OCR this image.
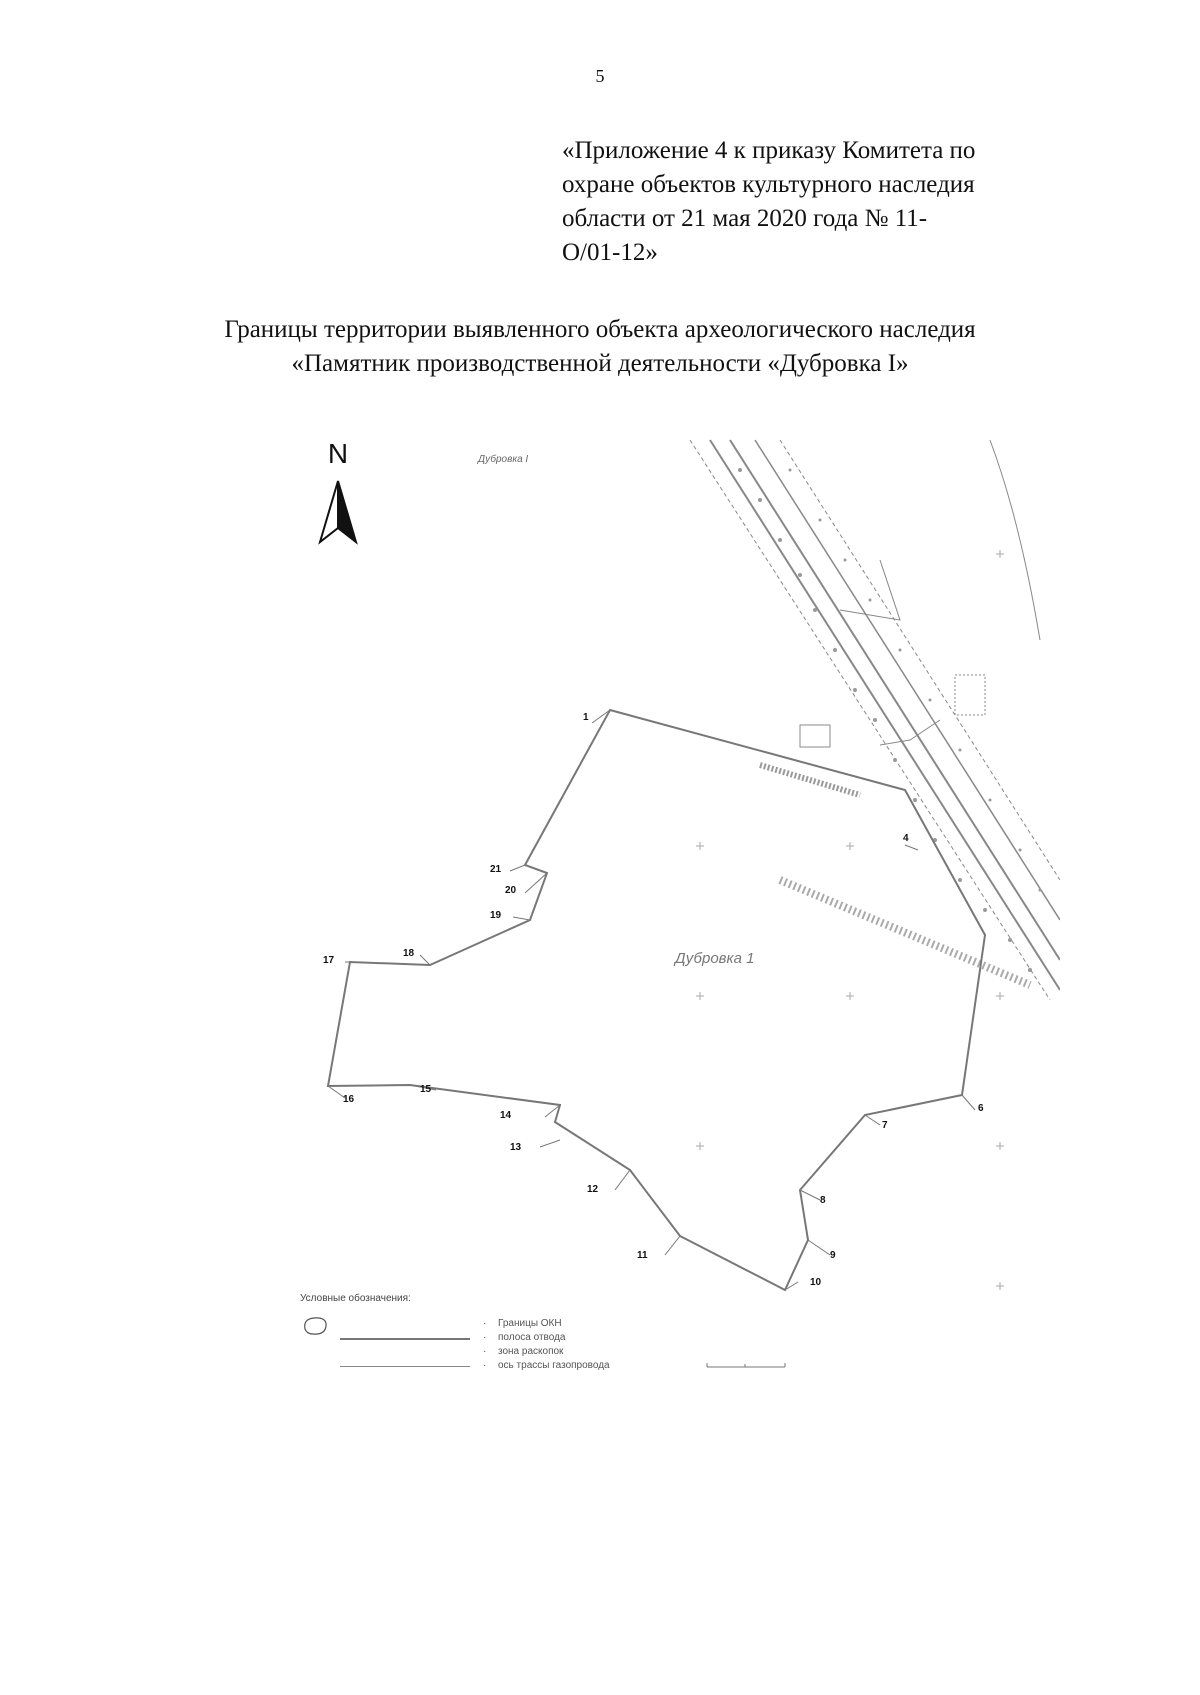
5
«Приложение 4 к приказу Комитета по
охране объектов культурного наследия
области от 21 мая 2020 года № 11-
О/01-12»
Границы территории выявленного объекта археологического наследия
«Памятник производственной деятельности «Дубровка I»
N	Дубровка I
Дубровка 1
1
4
6
7
8
9
10
11
12
13
14
15
16
17
18
19
20
21
Условные обозначения:
· Границы ОКН
· полоса отвода
· зона раскопок
· ось трассы газопровода
